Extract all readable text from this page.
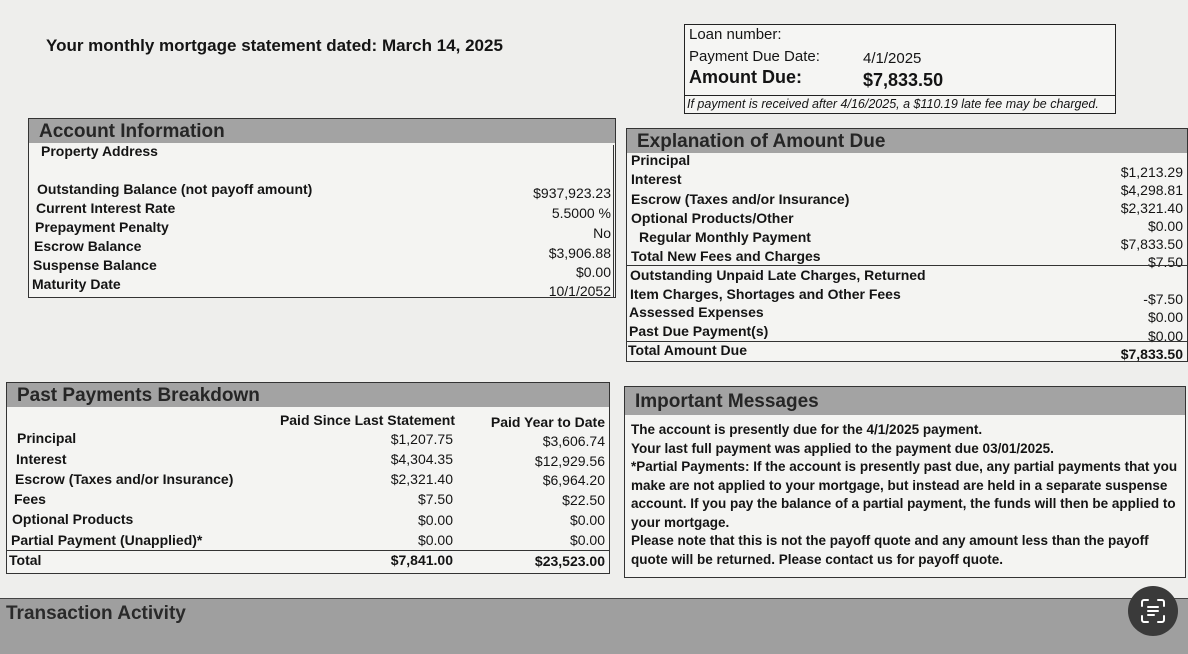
Your monthly mortgage statement dated: March 14, 2025
Loan number:
Payment Due Date:	4/1/2025
Amount Due:	$7,833.50
If payment is received after 4/16/2025, a $110.19 late fee may be charged.
Account Information
Property Address
Outstanding Balance (not payoff amount)	$937,923.23
Current Interest Rate	5.5000 %
Prepayment Penalty	No
Escrow Balance	$3,906.88
Suspense Balance	$0.00
Maturity Date	10/1/2052
Explanation of Amount Due
Principal
$1,213.29
Interest
$4,298.81
Escrow (Taxes and/or Insurance)
$2,321.40
Optional Products/Other	$0.00
Regular Monthly Payment	$7,833.50
Total New Fees and Charges	$7.50
Outstanding Unpaid Late Charges, Returned
Item Charges, Shortages and Other Fees	-$7.50
Assessed Expenses	$0.00
Past Due Payment(s)	$0.00
Total Amount Due	$7,833.50
Past Payments Breakdown
Paid Since Last Statement	Paid Year to Date
Principal	$1,207.75	$3,606.74
Interest	$4,304.35	$12,929.56
Escrow (Taxes and/or Insurance)	$2,321.40	$6,964.20
Fees	$7.50	$22.50
Optional Products	$0.00	$0.00
Partial Payment (Unapplied)*	$0.00	$0.00
Total	$7,841.00	$23,523.00
Important Messages
The account is presently due for the 4/1/2025 payment.
Your last full payment was applied to the payment due 03/01/2025.
*Partial Payments: If the account is presently past due, any partial payments that you make are not applied to your mortgage, but instead are held in a separate suspense account. If you pay the balance of a partial payment, the funds will then be applied to your mortgage.
Please note that this is not the payoff quote and any amount less than the payoff quote will be returned. Please contact us for payoff quote.
Transaction Activity
